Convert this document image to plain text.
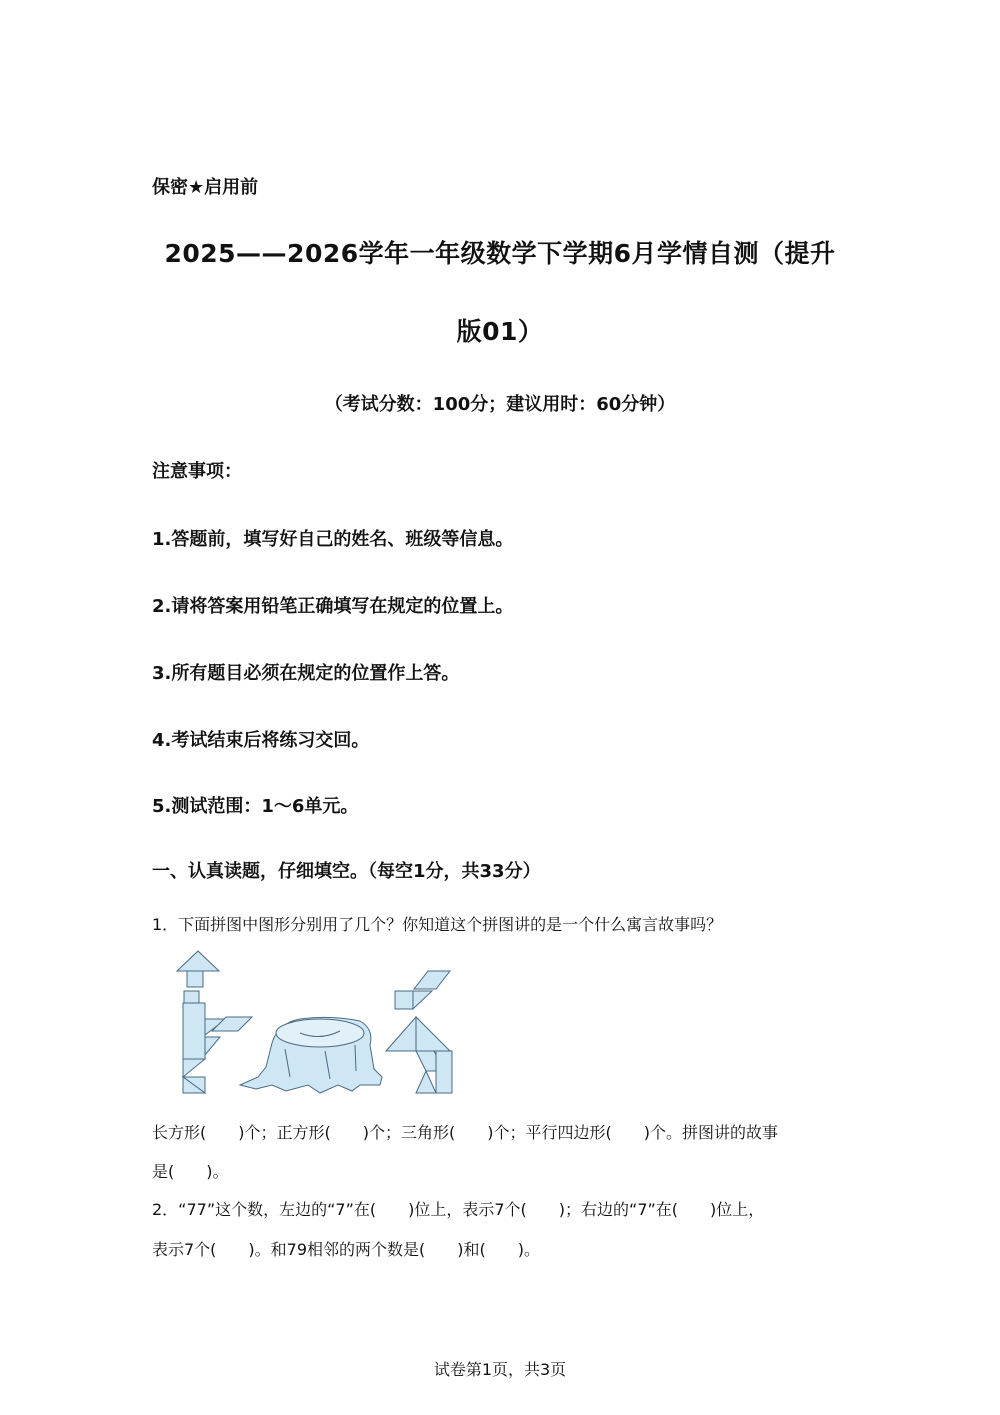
保密★启用前
2025——2026学年一年级数学下学期6月学情自测（提升
版01）
（考试分数：100分；建议用时：60分钟）
注意事项：
1.答题前，填写好自己的姓名、班级等信息。
2.请将答案用铅笔正确填写在规定的位置上。
3.所有题目必须在规定的位置作上答。
4.考试结束后将练习交回。
5.测试范围：1～6单元。
一、认真读题，仔细填空。（每空1分，共33分）
1．下面拼图中图形分别用了几个？你知道这个拼图讲的是一个什么寓言故事吗？
长方形(　　)个；正方形(　　)个；三角形(　　)个；平行四边形(　　)个。拼图讲的故事
是(　　)。
2．“77”这个数，左边的“7”在(　　)位上，表示7个(　　)；右边的“7”在(　　)位上，
表示7个(　　)。和79相邻的两个数是(　　)和(　　)。
试卷第1页，共3页
